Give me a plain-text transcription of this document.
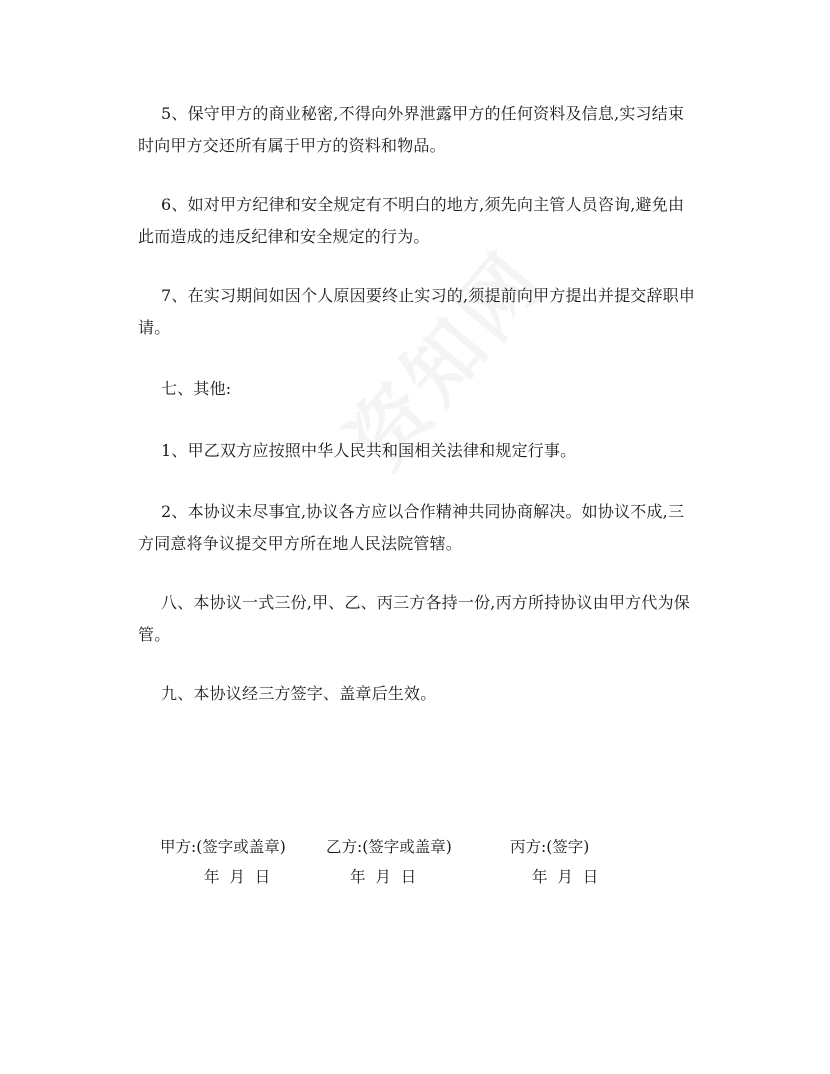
5、保守甲方的商业秘密,不得向外界泄露甲方的任何资料及信息,实习结束时向甲方交还所有属于甲方的资料和物品。

6、如对甲方纪律和安全规定有不明白的地方,须先向主管人员咨询,避免由此而造成的违反纪律和安全规定的行为。

7、在实习期间如因个人原因要终止实习的,须提前向甲方提出并提交辞职申请。

七、其他:

1、甲乙双方应按照中华人民共和国相关法律和规定行事。

2、本协议未尽事宜,协议各方应以合作精神共同协商解决。如协议不成,三方同意将争议提交甲方所在地人民法院管辖。

八、本协议一式三份,甲、乙、丙三方各持一份,丙方所持协议由甲方代为保管。

九、本协议经三方签字、盖章后生效。

甲方:(签字或盖章)	乙方:(签字或盖章)	丙方:(签字)
年  月  日	年  月  日	年  月  日
